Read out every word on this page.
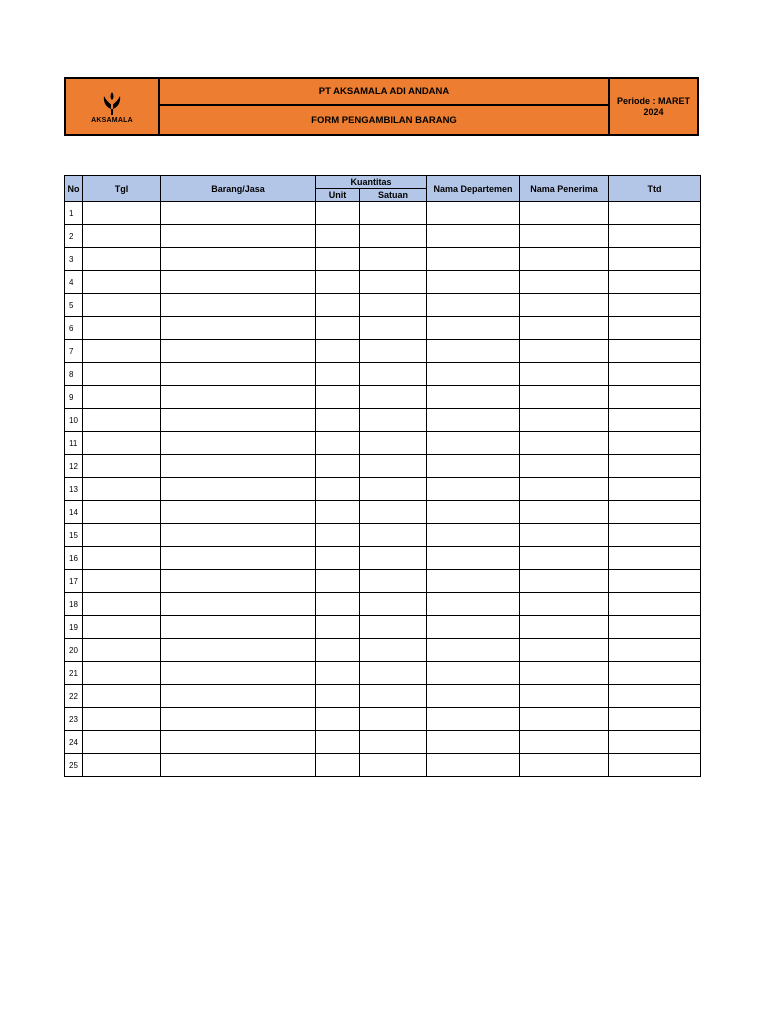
AKSAMALA
PT AKSAMALA ADI ANDANA
FORM PENGAMBILAN BARANG
Periode : MARET
2024
No	Tgl	Barang/Jasa	Kuantitas		Nama Departemen	Nama Penerima	Ttd
			Unit	Satuan			
1							
2							
3							
4							
5							
6							
7							
8							
9							
10							
11							
12							
13							
14							
15							
16							
17							
18							
19							
20							
21							
22							
23							
24							
25							
